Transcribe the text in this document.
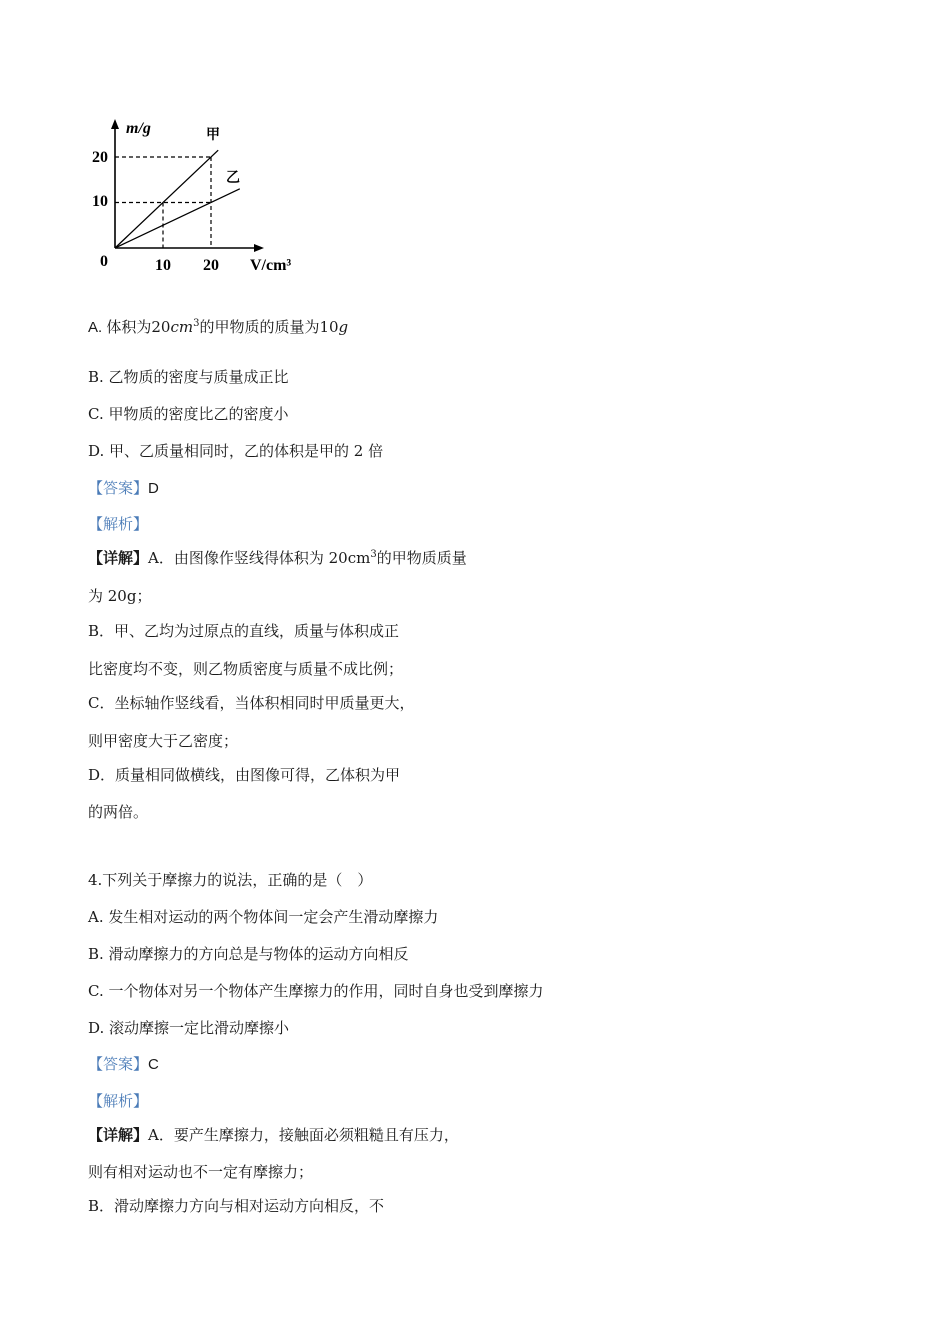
m/g
V/cm³
0
10
20
10 20
甲
乙
A. 体积为$20cm^3$的甲物质的质量为10g
B. 乙物质的密度与质量成正比
C. 甲物质的密度比乙的密度小
D. 甲、乙质量相同时，乙的体积是甲的 2 倍
【答案】D
【解析】
【详解】A．由图像作竖线得体积为 $20cm^3$的甲物质质量
为 20g；
B．甲、乙均为过原点的直线，质量与体积成正
比密度均不变，则乙物质密度与质量不成比例；
C．坐标轴作竖线看，当体积相同时甲质量更大，
则甲密度大于乙密度；
D．质量相同做横线，由图像可得，乙体积为甲
的两倍。
4.下列关于摩擦力的说法，正确的是（　）
A. 发生相对运动的两个物体间一定会产生滑动摩擦力
B. 滑动摩擦力的方向总是与物体的运动方向相反
C. 一个物体对另一个物体产生摩擦力的作用，同时自身也受到摩擦力
D. 滚动摩擦一定比滑动摩擦小
【答案】C
【解析】
【详解】A．要产生摩擦力，接触面必须粗糙且有压力，
则有相对运动也不一定有摩擦力；
B．滑动摩擦力方向与相对运动方向相反，不
